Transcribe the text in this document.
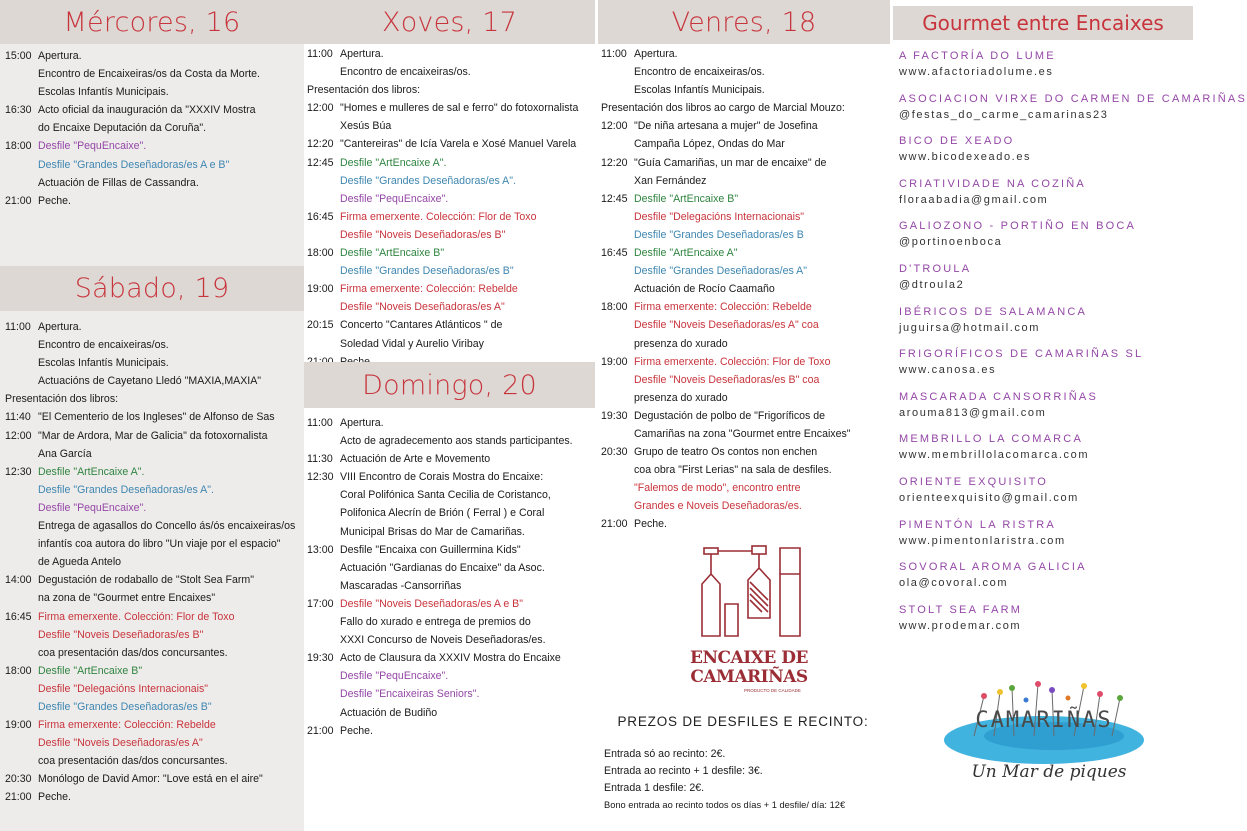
Mércores, 16
15:00 Apertura.
Encontro de Encaixeiras/os da Costa da Morte.
Escolas Infantís Municipais.
16:30 Acto oficial da inauguración da "XXXIV Mostra
do Encaixe Deputación da Coruña".
18:00 Desfile "PequEncaixe".
Desfile "Grandes Deseñadoras/es A e B"
Actuación de Fillas de Cassandra.
21:00 Peche.
Sábado, 19
11:00 Apertura.
Encontro de encaixeiras/os.
Escolas Infantís Municipais.
Actuacións de Cayetano Lledó "MAXIA,MAXIA"
Presentación dos libros:
11:40 "El Cementerio de los Ingleses" de Alfonso de Sas
12:00 "Mar de Ardora, Mar de Galicia" da fotoxornalista
Ana García
12:30 Desfile "ArtEncaixe A".
Desfile "Grandes Deseñadoras/es A".
Desfile "PequEncaixe".
Entrega de agasallos do Concello ás/ós encaixeiras/os
infantís coa autora do libro "Un viaje por el espacio"
de Agueda Antelo
14:00 Degustación de rodaballo de "Stolt Sea Farm"
na zona de "Gourmet entre Encaixes"
16:45 Firma emerxente. Colección: Flor de Toxo
Desfile "Noveis Deseñadoras/es B"
coa presentación das/dos concursantes.
18:00 Desfile "ArtEncaixe B"
Desfile "Delegacións Internacionais"
Desfile "Grandes Deseñadoras/es B"
19:00 Firma emerxente: Colección: Rebelde
Desfile "Noveis Deseñadoras/es A"
coa presentación das/dos concursantes.
20:30 Monólogo de David Amor: "Love está en el aire"
21:00 Peche.
Xoves, 17
11:00 Apertura.
Encontro de encaixeiras/os.
Presentación dos libros:
12:00 "Homes e mulleres de sal e ferro" do fotoxornalista
Xesús Búa
12:20 "Cantereiras" de Icía Varela e Xosé Manuel Varela
12:45 Desfile "ArtEncaixe A".
Desfile "Grandes Deseñadoras/es A".
Desfile "PequEncaixe".
16:45 Firma emerxente. Colección: Flor de Toxo
Desfile "Noveis Deseñadoras/es B"
18:00 Desfile "ArtEncaixe B"
Desfile "Grandes Deseñadoras/es B"
19:00 Firma emerxente: Colección: Rebelde
Desfile "Noveis Deseñadoras/es A"
20:15 Concerto "Cantares Atlánticos " de
Soledad Vidal y Aurelio Viribay
Domingo, 20
11:00 Apertura.
Acto de agradecemento aos stands participantes.
11:30 Actuación de Arte e Movemento
12:30 VIII Encontro de Corais Mostra do Encaixe:
Coral Polifónica Santa Cecilia de Coristanco,
Polifonica Alecrín de Brión ( Ferral ) e Coral
Municipal Brisas do Mar de Camariñas.
13:00 Desfile "Encaixa con Guillermina Kids"
Actuación "Gardianas do Encaixe" da Asoc.
Mascaradas -Cansorriñas
17:00 Desfile "Noveis Deseñadoras/es A e B"
Fallo do xurado e entrega de premios do
XXXI Concurso de Noveis Deseñadoras/es.
19:30 Acto de Clausura da XXXIV Mostra do Encaixe
Desfile "PequEncaixe".
Desfile "Encaixeiras Seniors".
Actuación de Budiño
21:00 Peche.
Venres, 18
11:00 Apertura.
Encontro de encaixeiras/os.
Escolas Infantís Municipais.
Presentación dos libros ao cargo de Marcial Mouzo:
12:00 "De niña artesana a mujer" de Josefina
Campaña López, Ondas do Mar
12:20 "Guía Camariñas, un mar de encaixe" de
Xan Fernández
12:45 Desfile "ArtEncaixe B"
Desfile "Delegacións Internacionais"
Desfile "Grandes Deseñadoras/es B
16:45 Desfile "ArtEncaixe A"
Desfile "Grandes Deseñadoras/es A"
Actuación de Rocío Caamaño
18:00 Firma emerxente: Colección: Rebelde
Desfile "Noveis Deseñadoras/es A" coa
presenza do xurado
19:00 Firma emerxente. Colección: Flor de Toxo
Desfile "Noveis Deseñadoras/es B" coa
presenza do xurado
19:30 Degustación de polbo de "Frigoríficos de
Camariñas na zona "Gourmet entre Encaixes"
20:30 Grupo de teatro Os contos non enchen
coa obra "First Lerias" na sala de desfiles.
"Falemos de modo", encontro entre
Grandes e Noveis Deseñadoras/es.
21:00 Peche.
ENCAIXE DE
CAMARIÑAS
PRODUCTO DE CALIDADE
PREZOS DE DESFILES E RECINTO:
Entrada só ao recinto: 2€.
Entrada ao recinto + 1 desfile: 3€.
Entrada 1 desfile: 2€.
Bono entrada ao recinto todos os días + 1 desfile/ día: 12€
Gourmet entre Encaixes
A FACTORÍA DO LUME
www.afactoriadolume.es
ASOCIACION VIRXE DO CARMEN DE CAMARIÑAS
@festas_do_carme_camarinas23
BICO DE XEADO
www.bicodexeado.es
CRIATIVIDADE NA COZIÑA
floraabadia@gmail.com
GALIOZONO - PORTIÑO EN BOCA
@portinoenboca
D'TROULA
@dtroula2
IBÉRICOS DE SALAMANCA
juguirsa@hotmail.com
FRIGORÍFICOS DE CAMARIÑAS SL
www.canosa.es
MASCARADA CANSORRIÑAS
arouma813@gmail.com
MEMBRILLO LA COMARCA
www.membrillolacomarca.com
ORIENTE EXQUISITO
orienteexquisito@gmail.com
PIMENTÓN LA RISTRA
www.pimentonlaristra.com
SOVORAL AROMA GALICIA
ola@covoral.com
STOLT SEA FARM
www.prodemar.com
CAMARIÑAS
Un Mar de piques
